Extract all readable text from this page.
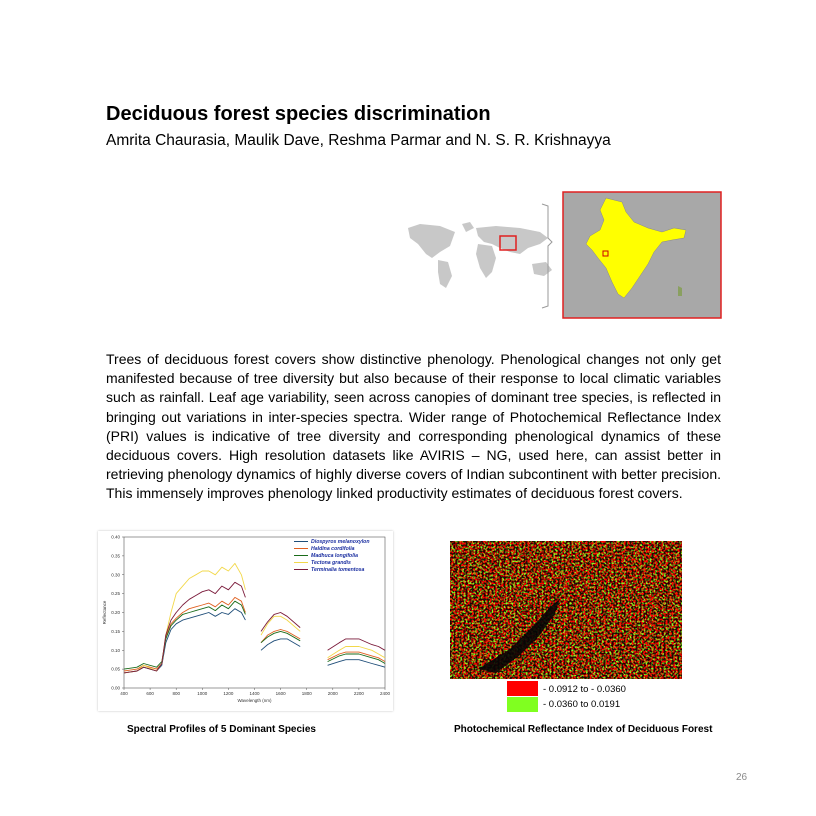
Deciduous forest species discrimination

Amrita Chaurasia, Maulik Dave, Reshma Parmar and N. S. R. Krishnayya

Trees of deciduous forest covers show distinctive phenology. Phenological changes not only get manifested because of tree diversity but also because of their response to local climatic variables such as rainfall. Leaf age variability, seen across canopies of dominant tree species, is reflected in bringing out variations in inter-species spectra. Wider range of Photochemical Reflectance Index (PRI) values is indicative of tree diversity and corresponding phenological dynamics of these deciduous covers. High resolution datasets like AVIRIS – NG, used here, can assist better in retrieving phenology dynamics of highly diverse covers of Indian subcontinent with better precision. This immensely improves phenology linked productivity estimates of deciduous forest covers.

0.00
0.05
0.10
0.15
0.20
0.25
0.30
0.35
0.40
400	600	800	1000	1200	1400	1600	1800	2000	2200	2400
Wavelength (nm)
Reflectance
Diospyros melanoxylon
Haldina cordifolia
Madhuca longifolia
Tectona grandis
Terminalia tomentosa
- 0.0912 to - 0.0360
- 0.0360 to 0.0191
Spectral Profiles of 5 Dominant Species	Photochemical Reflectance Index of Deciduous Forest
26
